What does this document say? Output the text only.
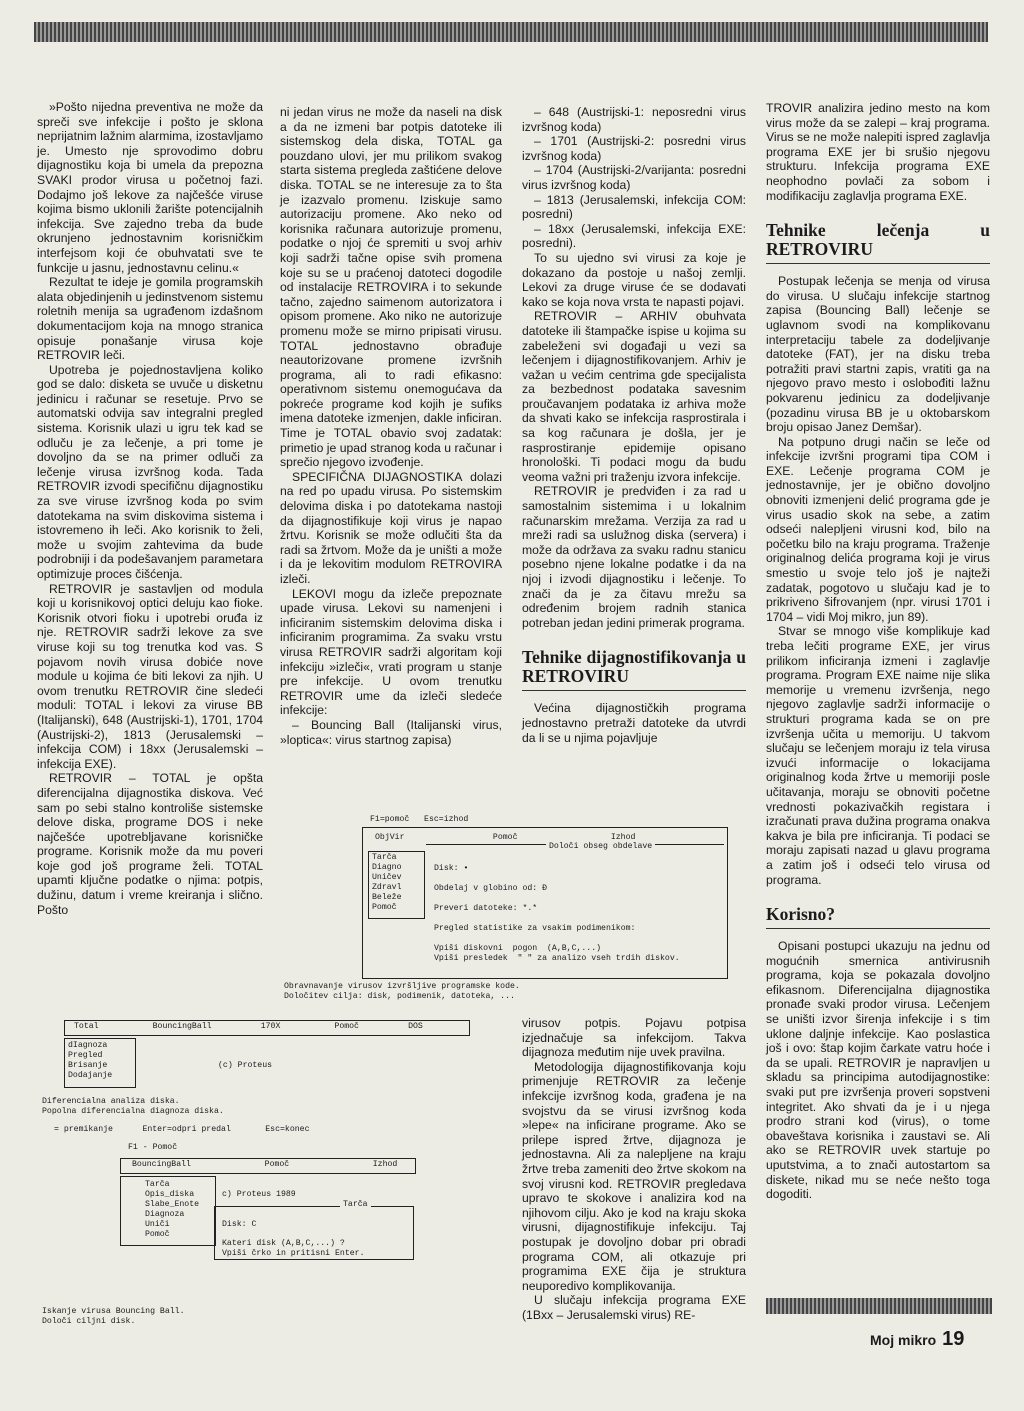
»Pošto nijedna preventiva ne može da spreči sve infekcije i pošto je sklona neprijatnim lažnim alarmima, izostavljamo je. Umesto nje sprovodimo dobru dijagnostiku koja bi umela da prepozna SVAKI prodor virusa u početnoj fazi. Dodajmo još lekove za najčešće viruse kojima bismo uklonili žarište potencijalnih infekcija. Sve zajedno treba da bude okrunjeno jednostavnim korisničkim interfejsom koji će obuhvatati sve te funkcije u jasnu, jednostavnu celinu.«

Rezultat te ideje je gomila programskih alata objedinjenih u jedinstvenom sistemu roletnih menija sa ugrađenom izdašnom dokumentacijom koja na mnogo stranica opisuje ponašanje virusa koje RETROVIR leči.

Upotreba je pojednostavljena koliko god se dalo: disketa se uvuče u disketnu jedinicu i računar se resetuje. Prvo se automatski odvija sav integralni pregled sistema. Korisnik ulazi u igru tek kad se odluču je za lečenje, a pri tome je dovoljno da se na primer odluči za lečenje virusa izvršnog koda. Tada RETROVIR izvodi specifičnu dijagnostiku za sve viruse izvršnog koda po svim datotekama na svim diskovima sistema i istovremeno ih leči. Ako korisnik to želi, može u svojim zahtevima da bude podrobniji i da podešavanjem parametara optimizuje proces čišćenja.

RETROVIR je sastavljen od modula koji u korisnikovoj optici deluju kao fioke. Korisnik otvori fioku i upotrebi oruđa iz nje. RETROVIR sadrži lekove za sve viruse koji su tog trenutka kod vas. S pojavom novih virusa dobiće nove module u kojima će biti lekovi za njih. U ovom trenutku RETROVIR čine sledeći moduli: TOTAL i lekovi za viruse BB (Italijanski), 648 (Austrijski-1), 1701, 1704 (Austrijski-2), 1813 (Jerusalemski – infekcija COM) i 18xx (Jerusalemski – infekcija EXE).

RETROVIR – TOTAL je opšta diferencijalna dijagnostika diskova. Već sam po sebi stalno kontroliše sistemske delove diska, programe DOS i neke najčešće upotrebljavane korisničke programe. Korisnik može da mu poveri koje god još programe želi. TOTAL upamti ključne podatke o njima: potpis, dužinu, datum i vreme kreiranja i slično. Pošto

ni jedan virus ne može da naseli na disk a da ne izmeni bar potpis datoteke ili sistemskog dela diska, TOTAL ga pouzdano ulovi, jer mu prilikom svakog starta sistema pregleda zaštićene delove diska. TOTAL se ne interesuje za to šta je izazvalo promenu. Iziskuje samo autorizaciju promene. Ako neko od korisnika računara autorizuje promenu, podatke o njoj će spremiti u svoj arhiv koji sadrži tačne opise svih promena koje su se u praćenoj datoteci dogodile od instalacije RETROVIRA i to sekunde tačno, zajedno saimenom autorizatora i opisom promene. Ako niko ne autorizuje promenu može se mirno pripisati virusu. TOTAL jednostavno obrađuje neautorizovane promene izvršnih programa, ali to radi efikasno: operativnom sistemu onemogućava da pokreće programe kod kojih je sufiks imena datoteke izmenjen, dakle inficiran. Time je TOTAL obavio svoj zadatak: primetio je upad stranog koda u računar i sprečio njegovo izvođenje.

SPECIFIČNA DIJAGNOSTIKA dolazi na red po upadu virusa. Po sistemskim delovima diska i po datotekama nastoji da dijagnostifikuje koji virus je napao žrtvu. Korisnik se može odlučiti šta da radi sa žrtvom. Može da je uništi a može i da je lekovitim modulom RETROVIRA izleči.

LEKOVI mogu da izleče prepoznate upade virusa. Lekovi su namenjeni i inficiranim sistemskim delovima diska i inficiranim programima. Za svaku vrstu virusa RETROVIR sadrži algoritam koji infekciju »izleči«, vrati program u stanje pre infekcije. U ovom trenutku RETROVIR ume da izleči sledeće infekcije:

– Bouncing Ball (Italijanski virus, »loptica«: virus startnog zapisa)

– 648 (Austrijski-1: neposredni virus izvršnog koda)

– 1701 (Austrijski-2: posredni virus izvršnog koda)

– 1704 (Austrijski-2/varijanta: posredni virus izvršnog koda)

– 1813 (Jerusalemski, infekcija COM: posredni)

– 18xx (Jerusalemski, infekcija EXE: posredni).

To su ujedno svi virusi za koje je dokazano da postoje u našoj zemlji. Lekovi za druge viruse će se dodavati kako se koja nova vrsta te napasti pojavi.

RETROVIR – ARHIV obuhvata datoteke ili štampačke ispise u kojima su zabeleženi svi događaji u vezi sa lečenjem i dijagnostifikovanjem. Arhiv je važan u većim centrima gde specijalista za bezbednost podataka savesnim proučavanjem podataka iz arhiva može da shvati kako se infekcija rasprostirala i sa kog računara je došla, jer je rasprostiranje epidemije opisano hronološki. Ti podaci mogu da budu veoma važni pri traženju izvora infekcije.

RETROVIR je predviđen i za rad u samostalnim sistemima i u lokalnim računarskim mrežama. Verzija za rad u mreži radi sa uslužnog diska (servera) i može da održava za svaku radnu stanicu posebno njene lokalne podatke i da na njoj i izvodi dijagnostiku i lečenje. To znači da je za čitavu mrežu sa određenim brojem radnih stanica potreban jedan jedini primerak programa.

Tehnike dijagnostifikovanja u RETROVIRU

Većina dijagnostičkih programa jednostavno pretraži datoteke da utvrdi da li se u njima pojavljuje

virusov potpis. Pojavu potpisa izjednačuje sa infekcijom. Takva dijagnoza međutim nije uvek pravilna.

Metodologija dijagnostifikovanja koju primenjuje RETROVIR za lečenje infekcije izvršnog koda, građena je na svojstvu da se virusi izvršnog koda »lepe« na inficirane programe. Ako se prilepe ispred žrtve, dijagnoza je jednostavna. Ali za nalepljene na kraju žrtve treba zameniti deo žrtve skokom na svoj virusni kod. RETROVIR pregledava upravo te skokove i analizira kod na njihovom cilju. Ako je kod na kraju skoka virusni, dijagnostifikuje infekciju. Taj postupak je dovoljno dobar pri obradi programa COM, ali otkazuje pri programima EXE čija je struktura neuporedivo komplikovanija.

U slučaju infekcija programa EXE (1Bxx – Jerusalemski virus) RE-

TROVIR analizira jedino mesto na kom virus može da se zalepi – kraj programa. Virus se ne može nalepiti ispred zaglavlja programa EXE jer bi srušio njegovu strukturu. Infekcija programa EXE neophodno povlači za sobom i modifikaciju zaglavlja programa EXE.

Tehnike lečenja u RETROVIRU

Postupak lečenja se menja od virusa do virusa. U slučaju infekcije startnog zapisa (Bouncing Ball) lečenje se uglavnom svodi na komplikovanu interpretaciju tabele za dodeljivanje datoteke (FAT), jer na disku treba potražiti pravi startni zapis, vratiti ga na njegovo pravo mesto i oslobođiti lažnu pokvarenu jedinicu za dodeljivanje (pozadinu virusa BB je u oktobarskom broju opisao Janez Demšar).

Na potpuno drugi način se leče od infekcije izvršni programi tipa COM i EXE. Lečenje programa COM je jednostavnije, jer je obično dovoljno obnoviti izmenjeni delić programa gde je virus usadio skok na sebe, a zatim odseći nalepljeni virusni kod, bilo na početku bilo na kraju programa. Traženje originalnog delića programa koji je virus smestio u svoje telo još je najteži zadatak, pogotovo u slučaju kad je to prikriveno šifrovanjem (npr. virusi 1701 i 1704 – vidi Moj mikro, jun 89).

Stvar se mnogo više komplikuje kad treba lečiti programe EXE, jer virus prilikom inficiranja izmeni i zaglavlje programa. Program EXE naime nije slika memorije u vremenu izvršenja, nego njegovo zaglavlje sadrži informacije o strukturi programa kada se on pre izvršenja učita u memoriju. U takvom slučaju se lečenjem moraju iz tela virusa izvući informacije o lokacijama originalnog koda žrtve u memoriji posle učitavanja, moraju se obnoviti početne vrednosti pokazivačkih registara i izračunati prava dužina programa onakva kakva je bila pre inficiranja. Ti podaci se moraju zapisati nazad u glavu programa a zatim još i odseći telo virusa od programa.

Korisno?

Opisani postupci ukazuju na jednu od mogućnih smernica antivirusnih programa, koja se pokazala dovoljno efikasnom. Diferencijalna dijagnostika pronađe svaki prodor virusa. Lečenjem se uništi izvor širenja infekcije i s tim uklone daljnje infekcije. Kao poslastica još i ovo: štap kojim čarkate vatru hoće i da se upali. RETROVIR je napravljen u skladu sa principima autodijagnostike: svaki put pre izvršenja proveri sopstveni integritet. Ako shvati da je i u njega prodro strani kod (virus), o tome obaveštava korisnika i zaustavi se. Ali ako se RETROVIR uvek startuje po uputstvima, a to znači autostartom sa diskete, nikad mu se neće nešto toga dogoditi.

F1=pomoč   Esc=izhod
ObjVir                  Pomoč                   Izhod
Določi obseg obdelave
Tarča
Diagno
Uničev
Zdravl
Beleže
Pomoč
Disk: •
Obdelaj v globino od: Ð
Preveri datoteke: *.*
Pregled statistike za vsakim podimenikom:
Vpiši diskovni  pogon  (A,B,C,...)
Vpiši presledek  " " za analizo vseh trdih diskov.
Obravnavanje virusov izvršljive programske kode.
Določitev cilja: disk, podimenik, datoteka, ...
Total           BouncingBall          170X           Pomoč          DOS
dIagnoza
Pregled
Brisanje
Dodajanje
(c) Proteus
Diferencialna analiza diska.
Popolna diferencialna diagnoza diska.
= premikanje      Enter=odpri predal       Esc=konec
F1 - Pomoč
BouncingBall               Pomoč                 Izhod
Tarča
Opis_diska
Slabe_Enote
Diagnoza
Uniči
Pomoč
c) Proteus 1989
Tarča
Disk: C
Kateri disk (A,B,C,...) ?
Vpiši črko in pritisni Enter.
Iskanje virusa Bouncing Ball.
Določi ciljni disk.
Moj mikro 19
